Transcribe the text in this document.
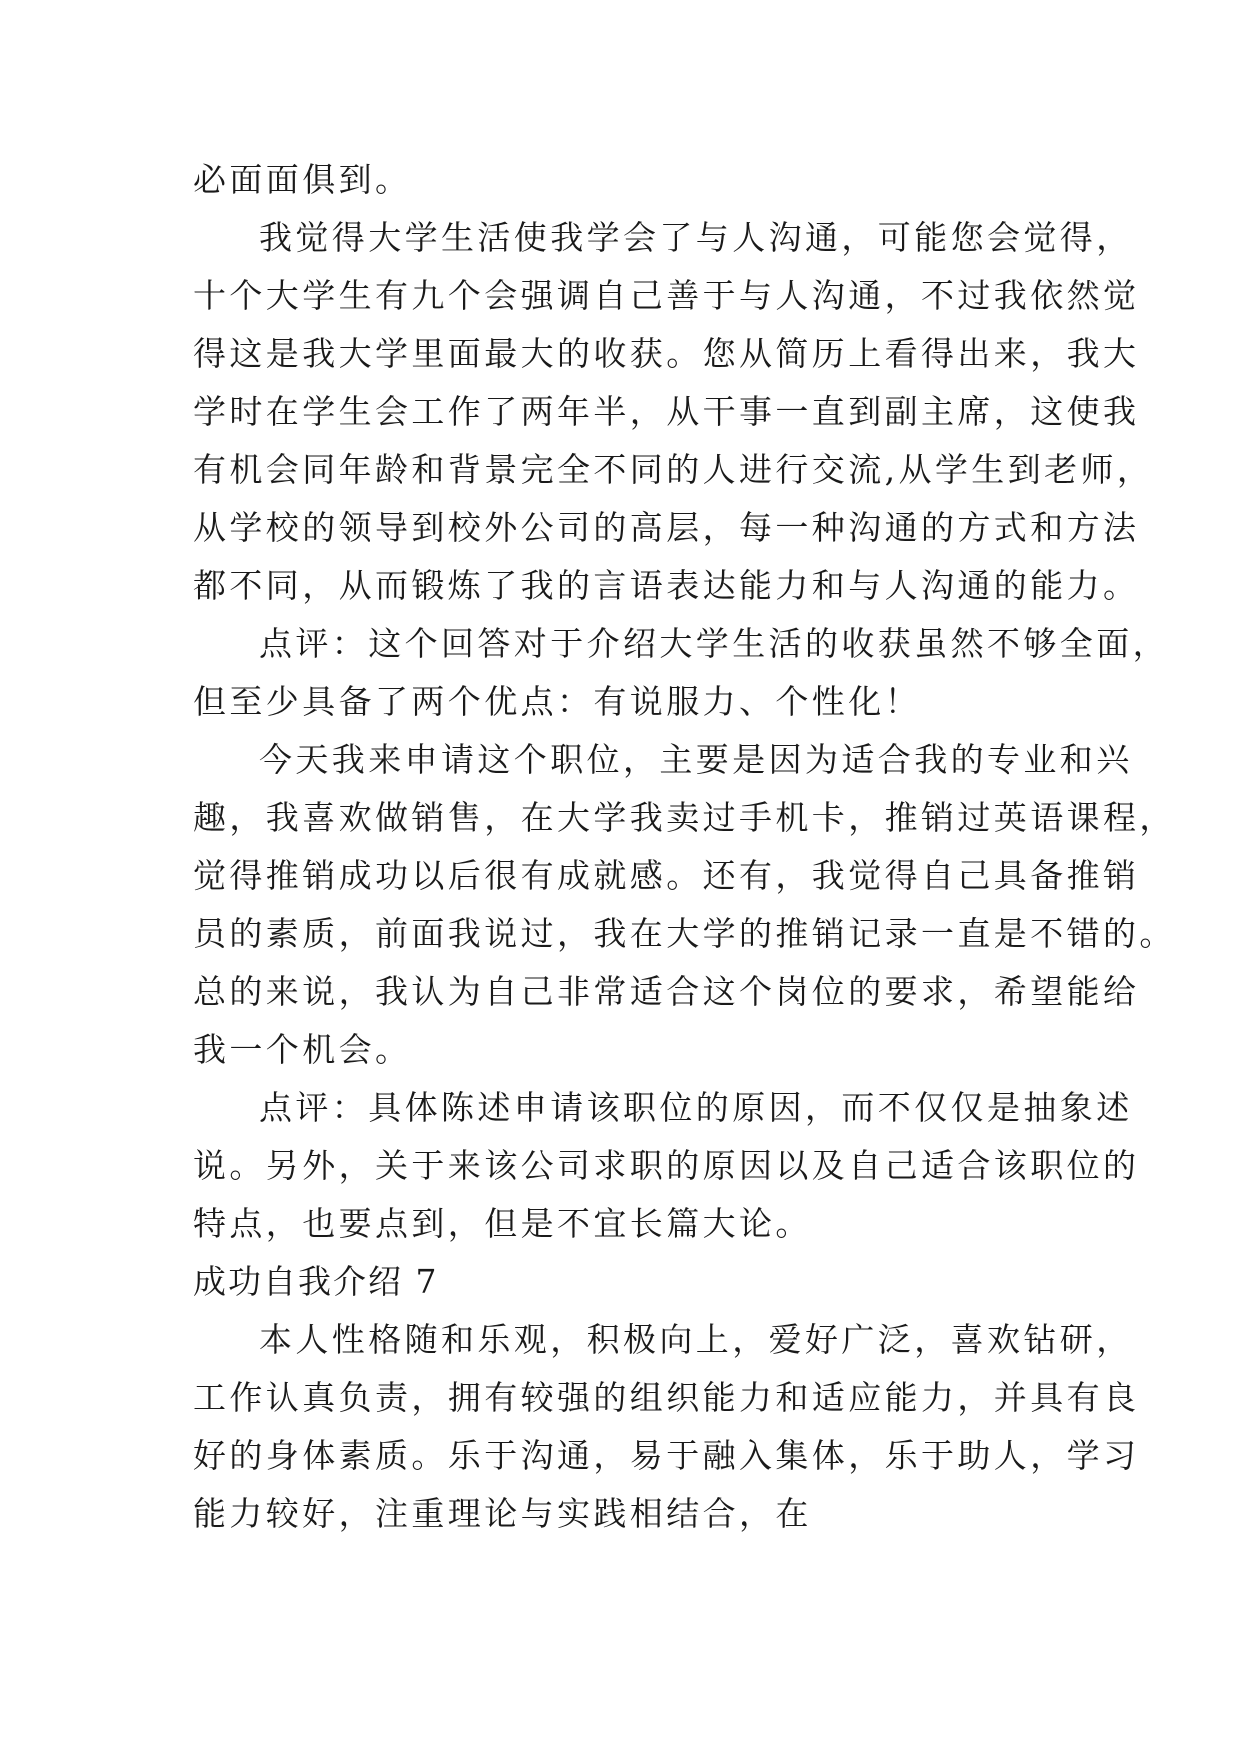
必面面俱到。
我觉得大学生活使我学会了与人沟通，可能您会觉得，
十个大学生有九个会强调自己善于与人沟通，不过我依然觉
得这是我大学里面最大的收获。您从简历上看得出来，我大
学时在学生会工作了两年半，从干事一直到副主席，这使我
有机会同年龄和背景完全不同的人进行交流,从学生到老师，
从学校的领导到校外公司的高层，每一种沟通的方式和方法
都不同，从而锻炼了我的言语表达能力和与人沟通的能力。
点评：这个回答对于介绍大学生活的收获虽然不够全面，
但至少具备了两个优点：有说服力、个性化！
今天我来申请这个职位，主要是因为适合我的专业和兴
趣，我喜欢做销售，在大学我卖过手机卡，推销过英语课程，
觉得推销成功以后很有成就感。还有，我觉得自己具备推销
员的素质，前面我说过，我在大学的推销记录一直是不错的。
总的来说，我认为自己非常适合这个岗位的要求，希望能给
我一个机会。
点评：具体陈述申请该职位的原因，而不仅仅是抽象述
说。另外，关于来该公司求职的原因以及自己适合该职位的
特点，也要点到，但是不宜长篇大论。
成功自我介绍 7
本人性格随和乐观，积极向上，爱好广泛，喜欢钻研，
工作认真负责，拥有较强的组织能力和适应能力，并具有良
好的身体素质。乐于沟通，易于融入集体，乐于助人，学习
能力较好，注重理论与实践相结合，在
